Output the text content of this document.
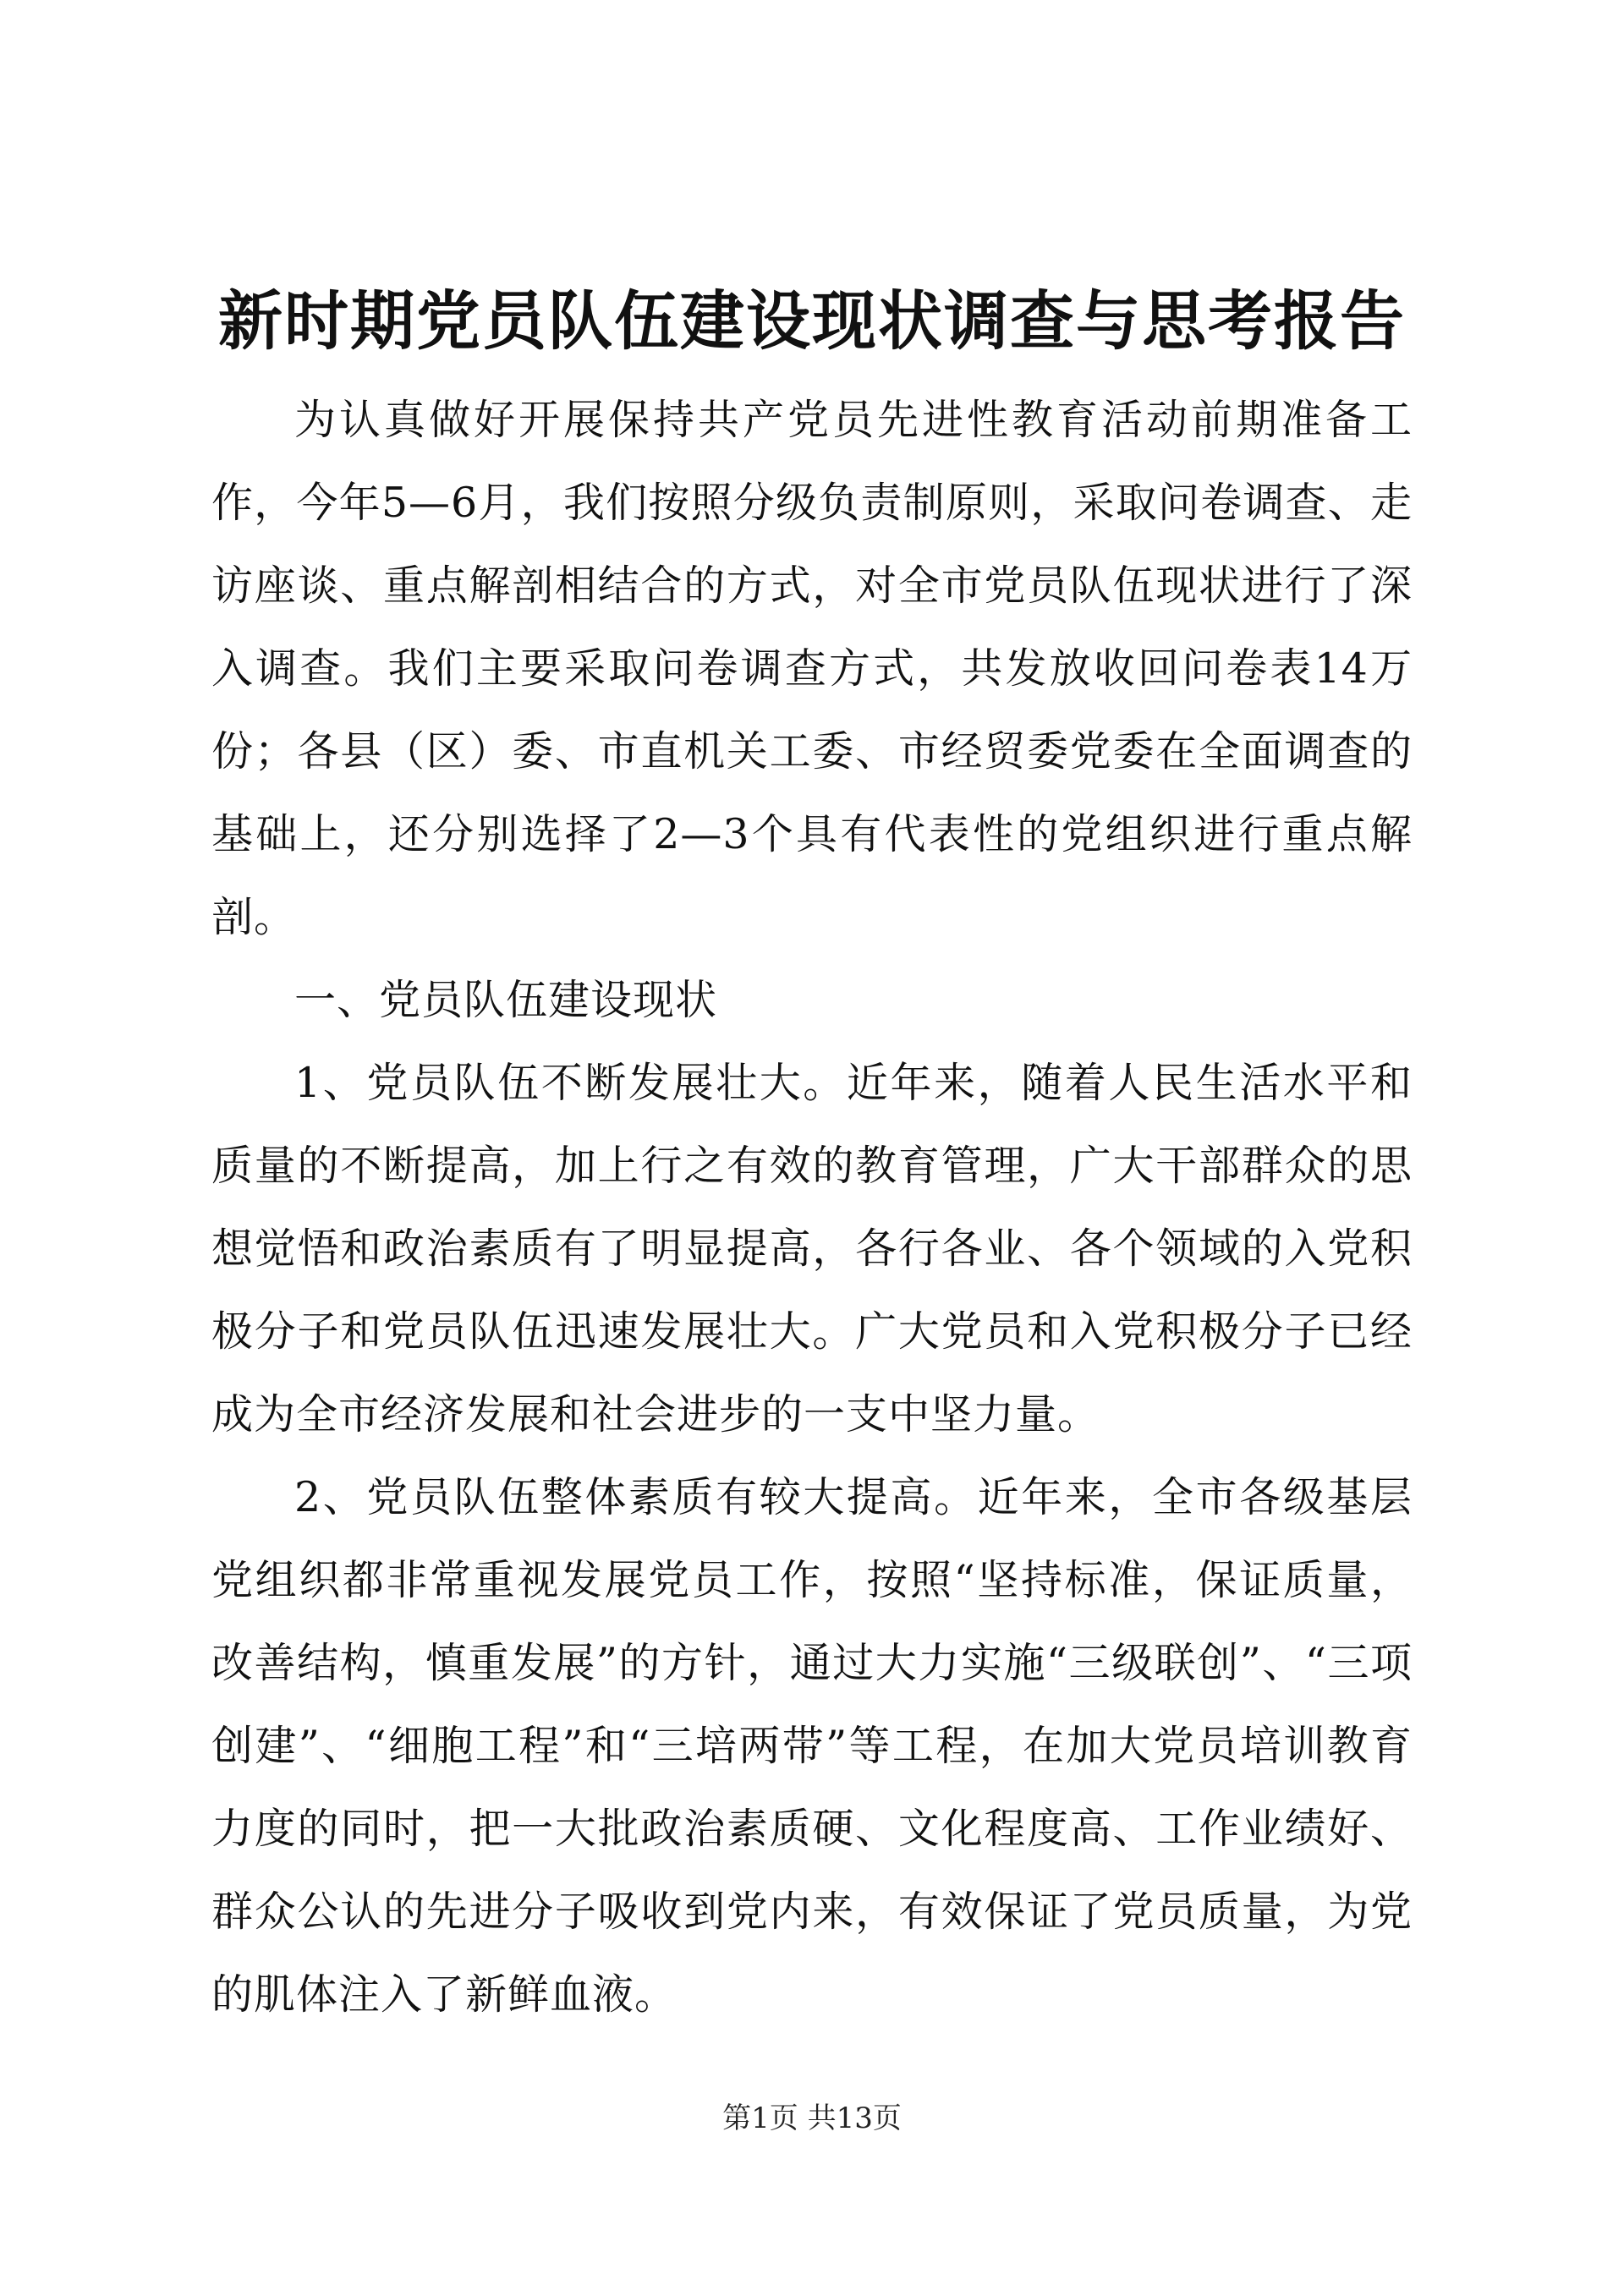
新时期党员队伍建设现状调查与思考报告

为认真做好开展保持共产党员先进性教育活动前期准备工作，今年5—6月，我们按照分级负责制原则，采取问卷调查、走访座谈、重点解剖相结合的方式，对全市党员队伍现状进行了深入调查。我们主要采取问卷调查方式，共发放收回问卷表14万份；各县（区）委、市直机关工委、市经贸委党委在全面调查的基础上，还分别选择了2—3个具有代表性的党组织进行重点解剖。

一、党员队伍建设现状

1、党员队伍不断发展壮大。近年来，随着人民生活水平和质量的不断提高，加上行之有效的教育管理，广大干部群众的思想觉悟和政治素质有了明显提高，各行各业、各个领域的入党积极分子和党员队伍迅速发展壮大。广大党员和入党积极分子已经成为全市经济发展和社会进步的一支中坚力量。

2、党员队伍整体素质有较大提高。近年来，全市各级基层党组织都非常重视发展党员工作，按照“坚持标准，保证质量，改善结构，慎重发展”的方针，通过大力实施“三级联创”、“三项创建”、“细胞工程”和“三培两带”等工程，在加大党员培训教育力度的同时，把一大批政治素质硬、文化程度高、工作业绩好、群众公认的先进分子吸收到党内来，有效保证了党员质量，为党的肌体注入了新鲜血液。

第1页 共13页
